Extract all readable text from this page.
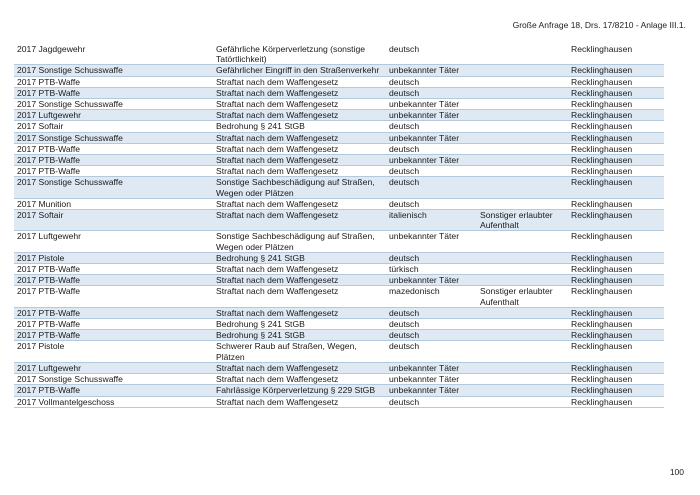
Große Anfrage 18, Drs. 17/8210 - Anlage III.1.
2017 Jagdgewehr	Gefährliche Körperverletzung (sonstige Tatörtlichkeit)	deutsch		Recklinghausen
2017 Sonstige Schusswaffe	Gefährlicher Eingriff in den Straßenverkehr	unbekannter Täter		Recklinghausen
2017 PTB-Waffe	Straftat nach dem Waffengesetz	deutsch		Recklinghausen
2017 PTB-Waffe	Straftat nach dem Waffengesetz	deutsch		Recklinghausen
2017 Sonstige Schusswaffe	Straftat nach dem Waffengesetz	unbekannter Täter		Recklinghausen
2017 Luftgewehr	Straftat nach dem Waffengesetz	unbekannter Täter		Recklinghausen
2017 Softair	Bedrohung § 241 StGB	deutsch		Recklinghausen
2017 Sonstige Schusswaffe	Straftat nach dem Waffengesetz	unbekannter Täter		Recklinghausen
2017 PTB-Waffe	Straftat nach dem Waffengesetz	deutsch		Recklinghausen
2017 PTB-Waffe	Straftat nach dem Waffengesetz	unbekannter Täter		Recklinghausen
2017 PTB-Waffe	Straftat nach dem Waffengesetz	deutsch		Recklinghausen
2017 Sonstige Schusswaffe	Sonstige Sachbeschädigung auf Straßen, Wegen oder Plätzen	deutsch		Recklinghausen
2017 Munition	Straftat nach dem Waffengesetz	deutsch		Recklinghausen
2017 Softair	Straftat nach dem Waffengesetz	italienisch	Sonstiger erlaubter Aufenthalt	Recklinghausen
2017 Luftgewehr	Sonstige Sachbeschädigung auf Straßen, Wegen oder Plätzen	unbekannter Täter		Recklinghausen
2017 Pistole	Bedrohung § 241 StGB	deutsch		Recklinghausen
2017 PTB-Waffe	Straftat nach dem Waffengesetz	türkisch		Recklinghausen
2017 PTB-Waffe	Straftat nach dem Waffengesetz	unbekannter Täter		Recklinghausen
2017 PTB-Waffe	Straftat nach dem Waffengesetz	mazedonisch	Sonstiger erlaubter Aufenthalt	Recklinghausen
2017 PTB-Waffe	Straftat nach dem Waffengesetz	deutsch		Recklinghausen
2017 PTB-Waffe	Bedrohung § 241 StGB	deutsch		Recklinghausen
2017 PTB-Waffe	Bedrohung § 241 StGB	deutsch		Recklinghausen
2017 Pistole	Schwerer Raub auf Straßen, Wegen, Plätzen	deutsch		Recklinghausen
2017 Luftgewehr	Straftat nach dem Waffengesetz	unbekannter Täter		Recklinghausen
2017 Sonstige Schusswaffe	Straftat nach dem Waffengesetz	unbekannter Täter		Recklinghausen
2017 PTB-Waffe	Fahrlässige Körperverletzung § 229 StGB	unbekannter Täter		Recklinghausen
2017 Vollmantelgeschoss	Straftat nach dem Waffengesetz	deutsch		Recklinghausen
100
